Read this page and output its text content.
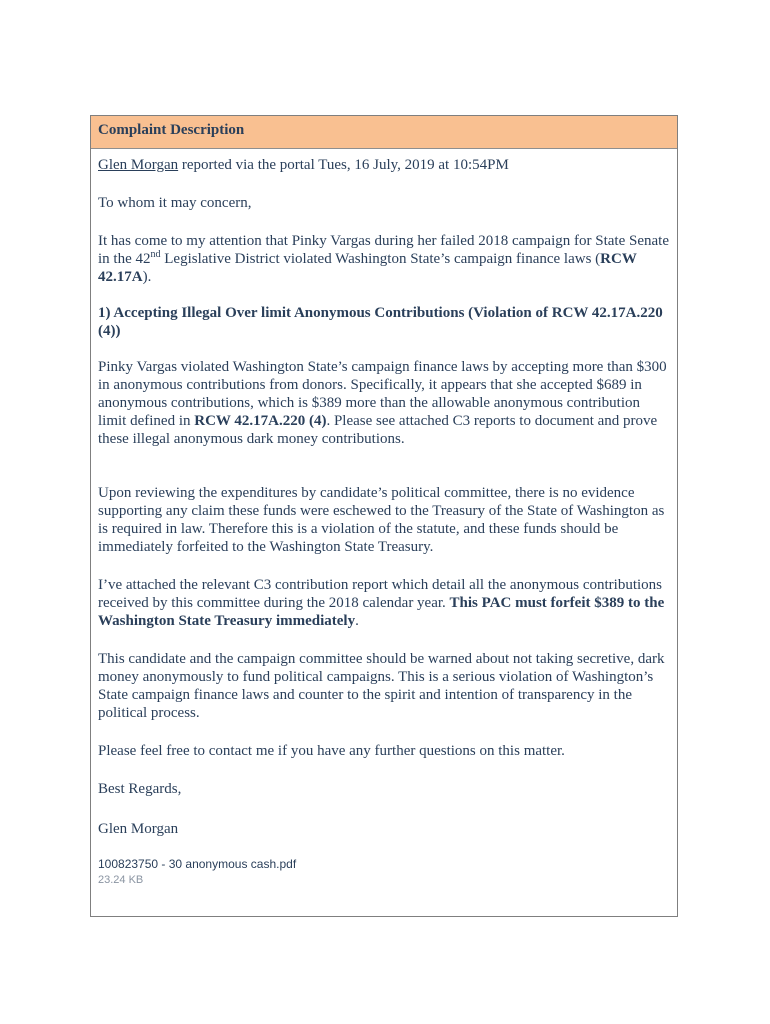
Complaint Description

Glen Morgan reported via the portal Tues, 16 July, 2019 at 10:54PM

To whom it may concern,

It has come to my attention that Pinky Vargas during her failed 2018 campaign for State Senate in the 42nd Legislative District violated Washington State’s campaign finance laws (RCW 42.17A).

1) Accepting Illegal Over limit Anonymous Contributions (Violation of RCW 42.17A.220 (4))

Pinky Vargas violated Washington State’s campaign finance laws by accepting more than $300 in anonymous contributions from donors. Specifically, it appears that she accepted $689 in anonymous contributions, which is $389 more than the allowable anonymous contribution limit defined in RCW 42.17A.220 (4). Please see attached C3 reports to document and prove these illegal anonymous dark money contributions.

Upon reviewing the expenditures by candidate’s political committee, there is no evidence supporting any claim these funds were eschewed to the Treasury of the State of Washington as is required in law. Therefore this is a violation of the statute, and these funds should be immediately forfeited to the Washington State Treasury.

I’ve attached the relevant C3 contribution report which detail all the anonymous contributions received by this committee during the 2018 calendar year. This PAC must forfeit $389 to the Washington State Treasury immediately.

This candidate and the campaign committee should be warned about not taking secretive, dark money anonymously to fund political campaigns. This is a serious violation of Washington’s State campaign finance laws and counter to the spirit and intention of transparency in the political process.

Please feel free to contact me if you have any further questions on this matter.

Best Regards,

Glen Morgan

100823750 - 30 anonymous cash.pdf
23.24 KB
